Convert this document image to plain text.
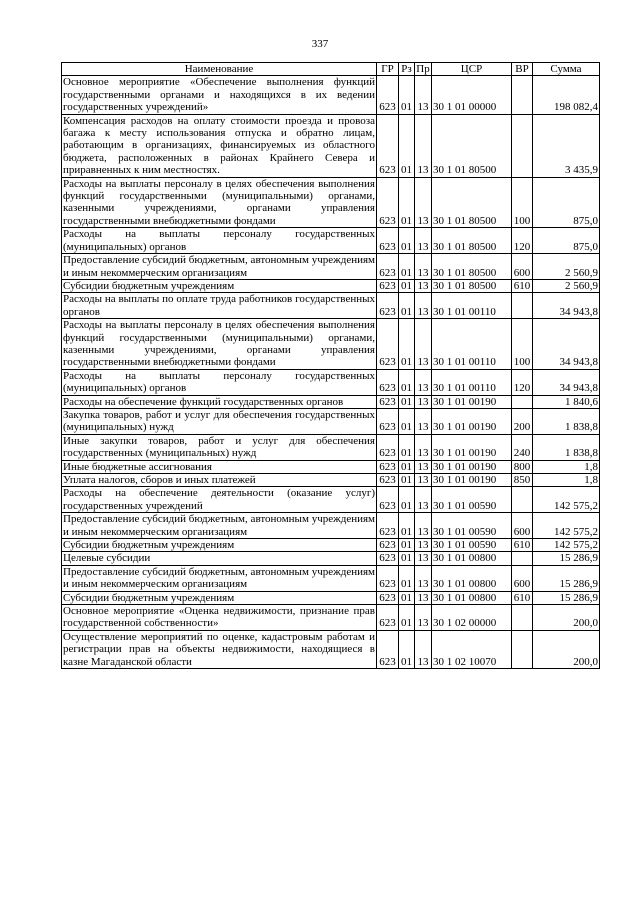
337
Наименование	ГР	Рз	Пр	ЦСР	ВР	Сумма
Основное мероприятие «Обеспечение выполнения функций государственными органами и находящихся в их ведении государственных учреждений»	623	01	13	30 1 01 00000		198 082,4
Компенсация расходов на оплату стоимости проезда и провоза багажа к месту использования отпуска и обратно лицам, работающим в организациях, финансируемых из областного бюджета, расположенных в районах Крайнего Севера и приравненных к ним местностях.	623	01	13	30 1 01 80500		3 435,9
Расходы на выплаты персоналу в целях обеспечения выполнения функций государственными (муниципальными) органами, казенными учреждениями, органами управления государственными внебюджетными фондами	623	01	13	30 1 01 80500	100	875,0
Расходы на выплаты персоналу государственных (муниципальных) органов	623	01	13	30 1 01 80500	120	875,0
Предоставление субсидий бюджетным, автономным учреждениям и иным некоммерческим организациям	623	01	13	30 1 01 80500	600	2 560,9
Субсидии бюджетным учреждениям	623	01	13	30 1 01 80500	610	2 560,9
Расходы на выплаты по оплате труда работников государственных органов	623	01	13	30 1 01 00110		34 943,8
Расходы на выплаты персоналу в целях обеспечения выполнения функций государственными (муниципальными) органами, казенными учреждениями, органами управления государственными внебюджетными фондами	623	01	13	30 1 01 00110	100	34 943,8
Расходы на выплаты персоналу государственных (муниципальных) органов	623	01	13	30 1 01 00110	120	34 943,8
Расходы на обеспечение функций государственных органов	623	01	13	30 1 01 00190		1 840,6
Закупка товаров, работ и услуг для обеспечения государственных (муниципальных) нужд	623	01	13	30 1 01 00190	200	1 838,8
Иные закупки товаров, работ и услуг для обеспечения государственных (муниципальных) нужд	623	01	13	30 1 01 00190	240	1 838,8
Иные бюджетные ассигнования	623	01	13	30 1 01 00190	800	1,8
Уплата налогов, сборов и иных платежей	623	01	13	30 1 01 00190	850	1,8
Расходы на обеспечение деятельности (оказание услуг) государственных учреждений	623	01	13	30 1 01 00590		142 575,2
Предоставление субсидий бюджетным, автономным учреждениям и иным некоммерческим организациям	623	01	13	30 1 01 00590	600	142 575,2
Субсидии бюджетным учреждениям	623	01	13	30 1 01 00590	610	142 575,2
Целевые субсидии	623	01	13	30 1 01 00800		15 286,9
Предоставление субсидий бюджетным, автономным учреждениям и иным некоммерческим организациям	623	01	13	30 1 01 00800	600	15 286,9
Субсидии бюджетным учреждениям	623	01	13	30 1 01 00800	610	15 286,9
Основное мероприятие «Оценка недвижимости, признание прав государственной собственности»	623	01	13	30 1 02 00000		200,0
Осуществление мероприятий по оценке, кадастровым работам и регистрации прав на объекты недвижимости, находящиеся в казне Магаданской области	623	01	13	30 1 02 10070		200,0
